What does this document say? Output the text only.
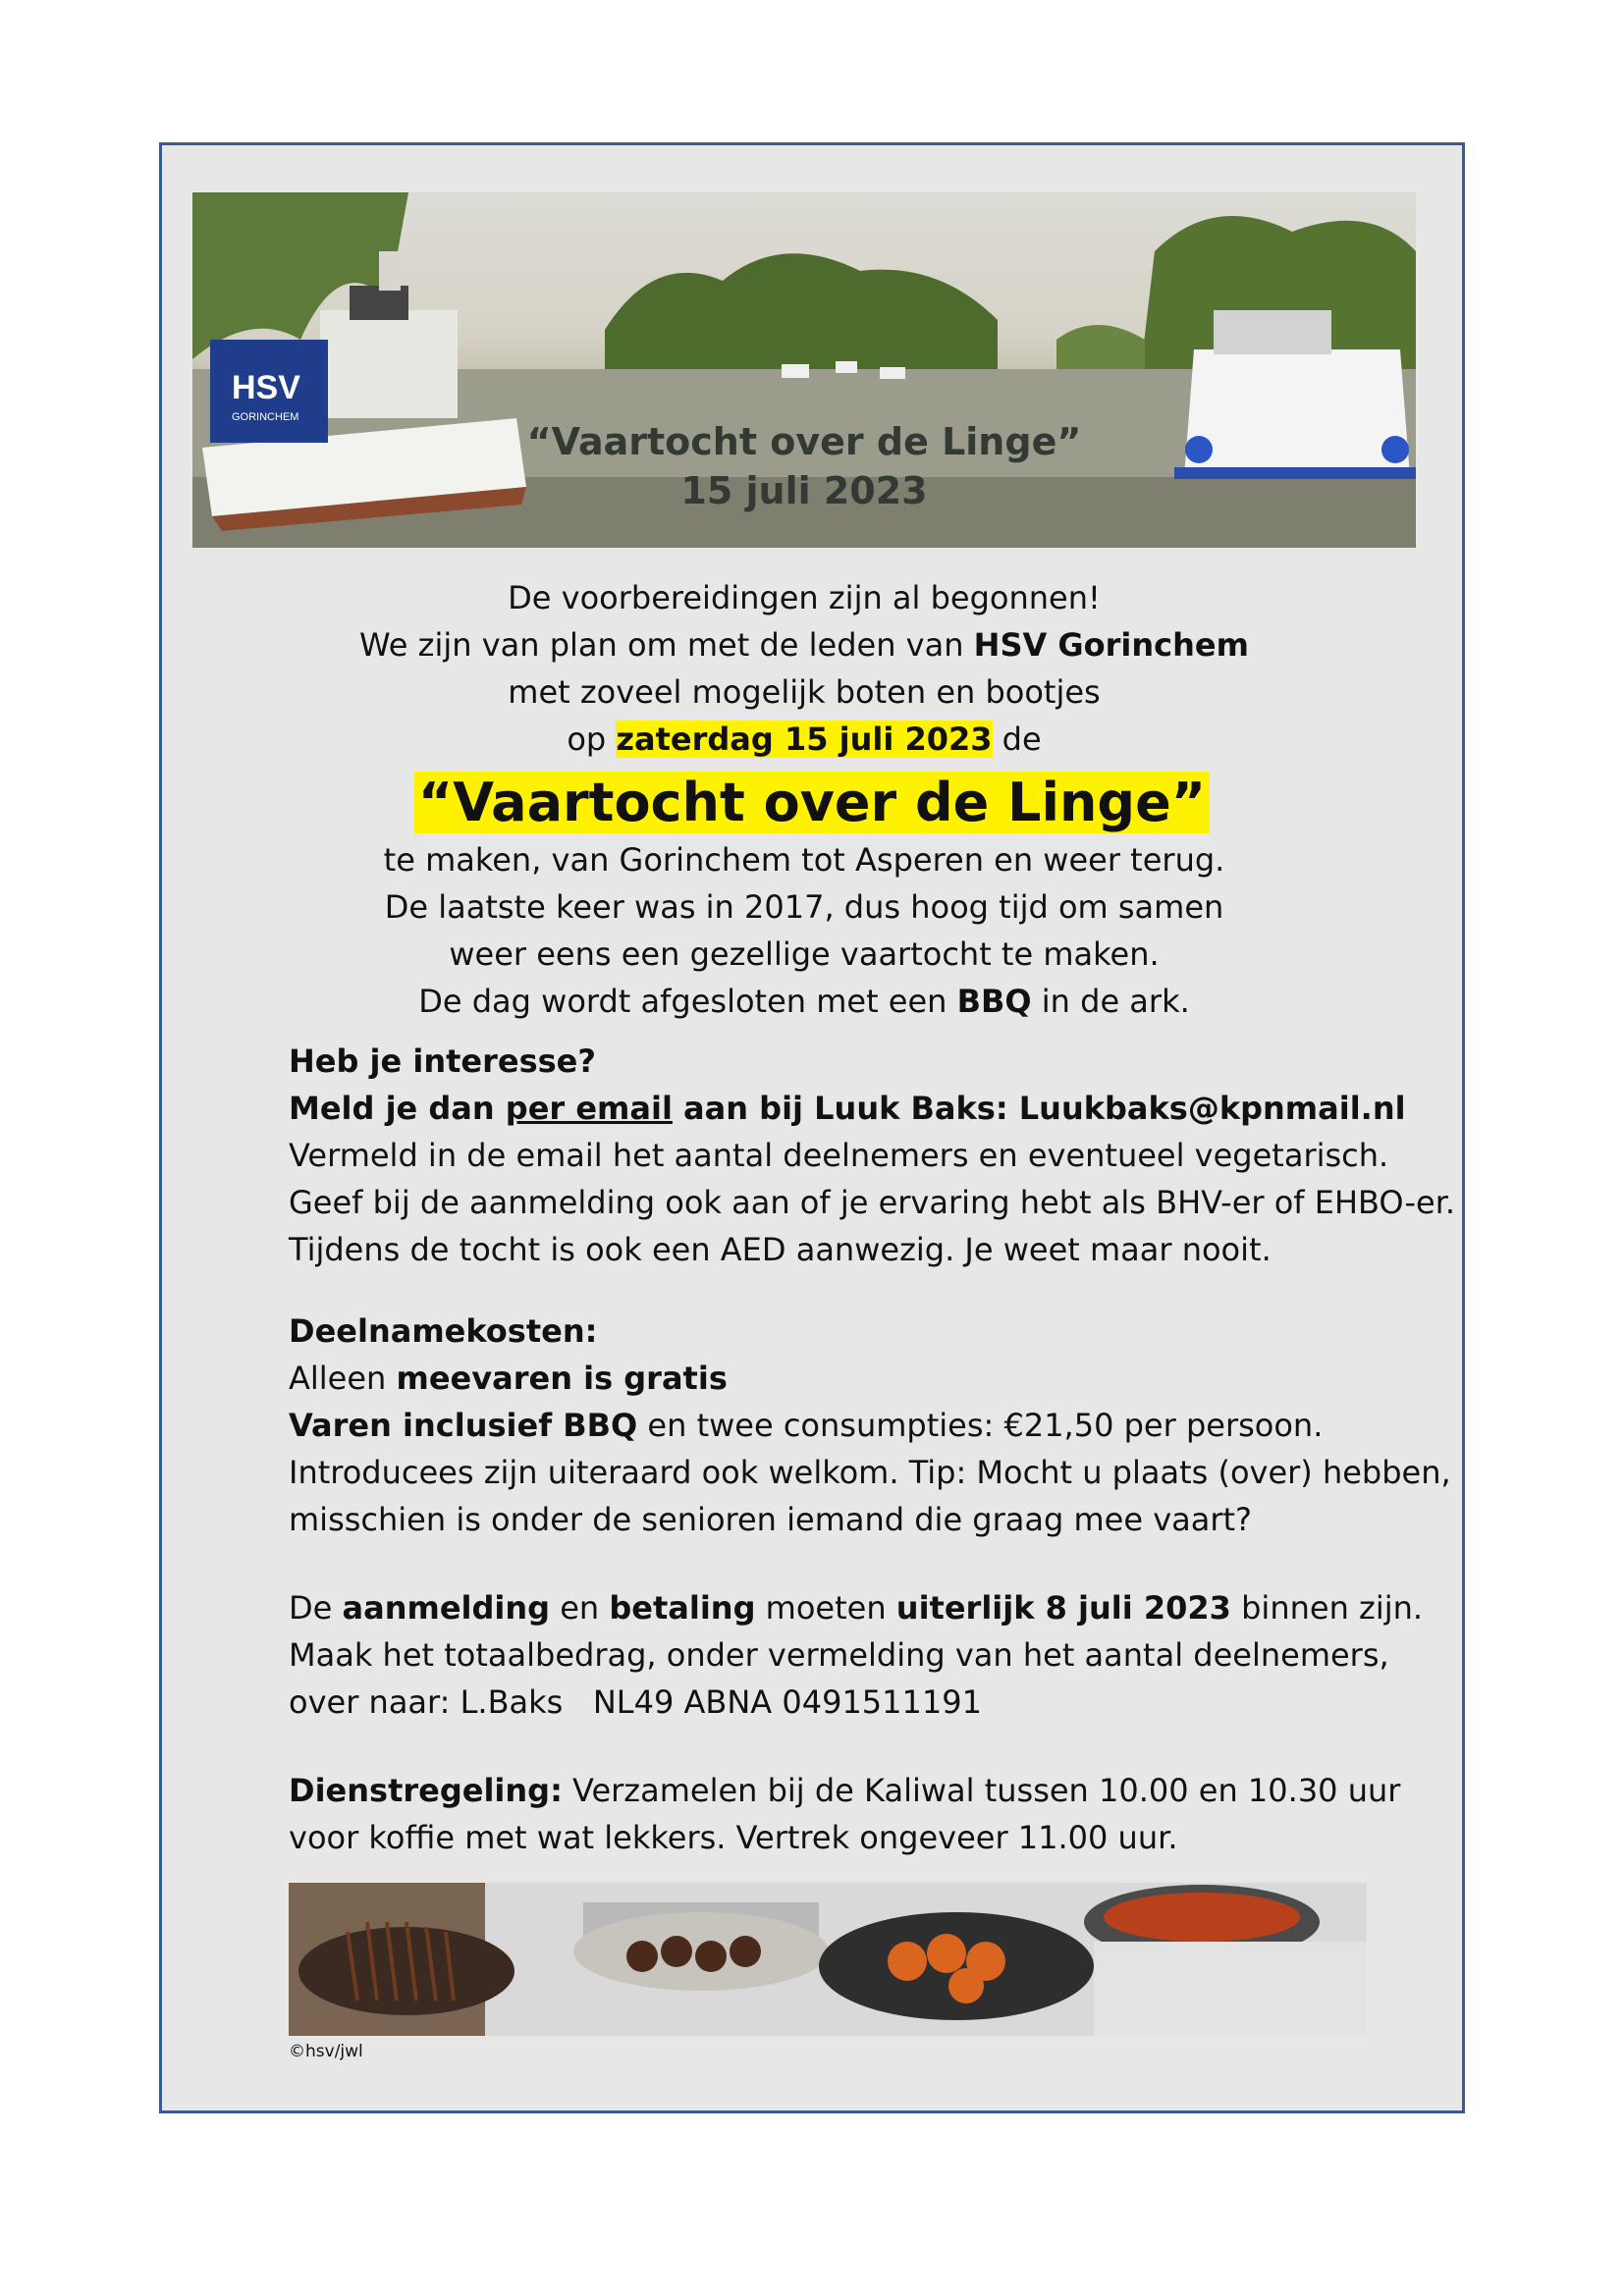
HSV
GORINCHEM
“Vaartocht over de Linge”
15 juli 2023
De voorbereidingen zijn al begonnen!
We zijn van plan om met de leden van HSV Gorinchem
met zoveel mogelijk boten en bootjes
op zaterdag 15 juli 2023 de
“Vaartocht over de Linge”
te maken, van Gorinchem tot Asperen en weer terug.
De laatste keer was in 2017, dus hoog tijd om samen
weer eens een gezellige vaartocht te maken.
De dag wordt afgesloten met een BBQ in de ark.
Heb je interesse?
Meld je dan per email aan bij Luuk Baks: Luukbaks@kpnmail.nl
Vermeld in de email het aantal deelnemers en eventueel vegetarisch.
Geef bij de aanmelding ook aan of je ervaring hebt als BHV-er of EHBO-er.
Tijdens de tocht is ook een AED aanwezig. Je weet maar nooit.
Deelnamekosten:
Alleen meevaren is gratis
Varen inclusief BBQ en twee consumpties: €21,50 per persoon.
Introducees zijn uiteraard ook welkom. Tip: Mocht u plaats (over) hebben,
misschien is onder de senioren iemand die graag mee vaart?
De aanmelding en betaling moeten uiterlijk 8 juli 2023 binnen zijn.
Maak het totaalbedrag, onder vermelding van het aantal deelnemers,
over naar: L.Baks   NL49 ABNA 0491511191
Dienstregeling: Verzamelen bij de Kaliwal tussen 10.00 en 10.30 uur
voor koffie met wat lekkers. Vertrek ongeveer 11.00 uur.
©hsv/jwl
